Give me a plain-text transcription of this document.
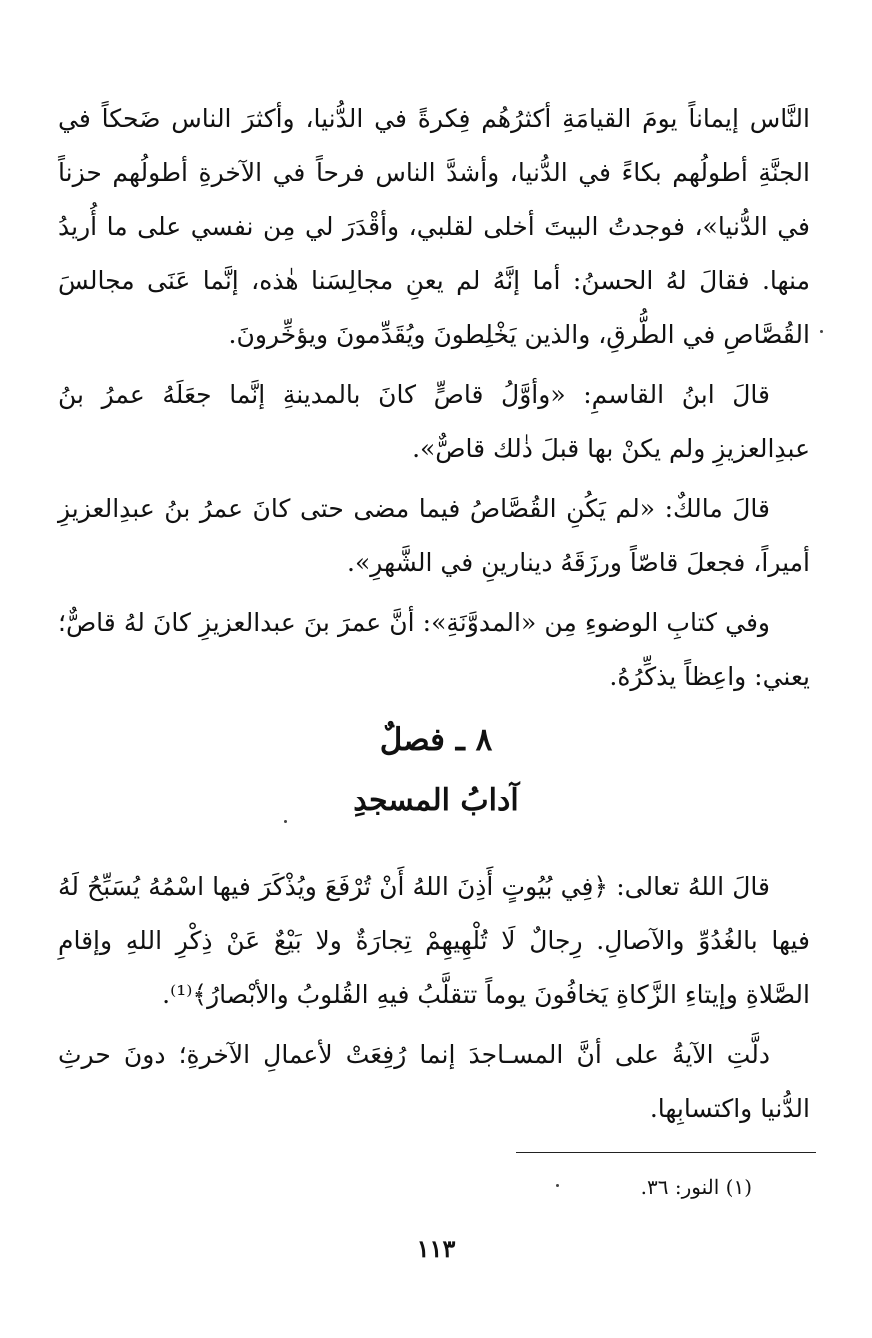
النَّاس إيماناً يومَ القيامَةِ أكثرُهُم فِكرةً في الدُّنيا، وأكثرَ الناس ضَحكاً في الجنَّةِ أطولُهم بكاءً في الدُّنيا، وأشدَّ الناس فرحاً في الآخرةِ أطولُهم حزناً في الدُّنيا»، فوجدتُ البيتَ أخلى لقلبي، وأقْدَرَ لي مِن نفسي على ما أُريدُ منها. فقالَ لهُ الحسنُ: أما إنَّهُ لم يعنِ مجالِسَنا هٰذه، إنَّما عَنَى مجالسَ القُصَّاصِ في الطُّرقِ، والذين يَخْلِطونَ ويُقَدِّمونَ ويؤخِّرونَ.

قالَ ابنُ القاسمِ: «وأوَّلُ قاصٍّ كانَ بالمدينةِ إنَّما جعَلَهُ عمرُ بنُ عبدِالعزيزِ ولم يكنْ بها قبلَ ذٰلك قاصٌّ».

قالَ مالكٌ: «لم يَكُنِ القُصَّاصُ فيما مضى حتى كانَ عمرُ بنُ عبدِالعزيزِ أميراً، فجعلَ قاصّاً ورزَقَهُ دينارينِ في الشَّهرِ».

وفي كتابِ الوضوءِ مِن «المدوَّنَةِ»: أنَّ عمرَ بنَ عبدالعزيزِ كانَ لهُ قاصٌّ؛ يعني: واعِظاً يذكِّرُهُ.

٨ ـ فصلٌ
آدابُ المسجدِ

قالَ اللهُ تعالى: ﴿فِي بُيُوتٍ أَذِنَ اللهُ أَنْ تُرْفَعَ ويُذْكَرَ فيها اسْمُهُ يُسَبِّحُ لَهُ فيها بالغُدُوِّ والآصالِ. رِجالٌ لَا تُلْهِيهِمْ تِجارَةٌ ولا بَيْعٌ عَنْ ذِكْرِ اللهِ وإقامِ الصَّلاةِ وإيتاءِ الزَّكاةِ يَخافُونَ يوماً تتقلَّبُ فيهِ القُلوبُ والأبْصارُ﴾⁽¹⁾.

دلَّتِ الآيةُ على أنَّ المسـاجدَ إنما رُفِعَتْ لأعمالِ الآخرةِ؛ دونَ حرثِ الدُّنيا واكتسابِها.

(١) النور: ٣٦.
١١٣
